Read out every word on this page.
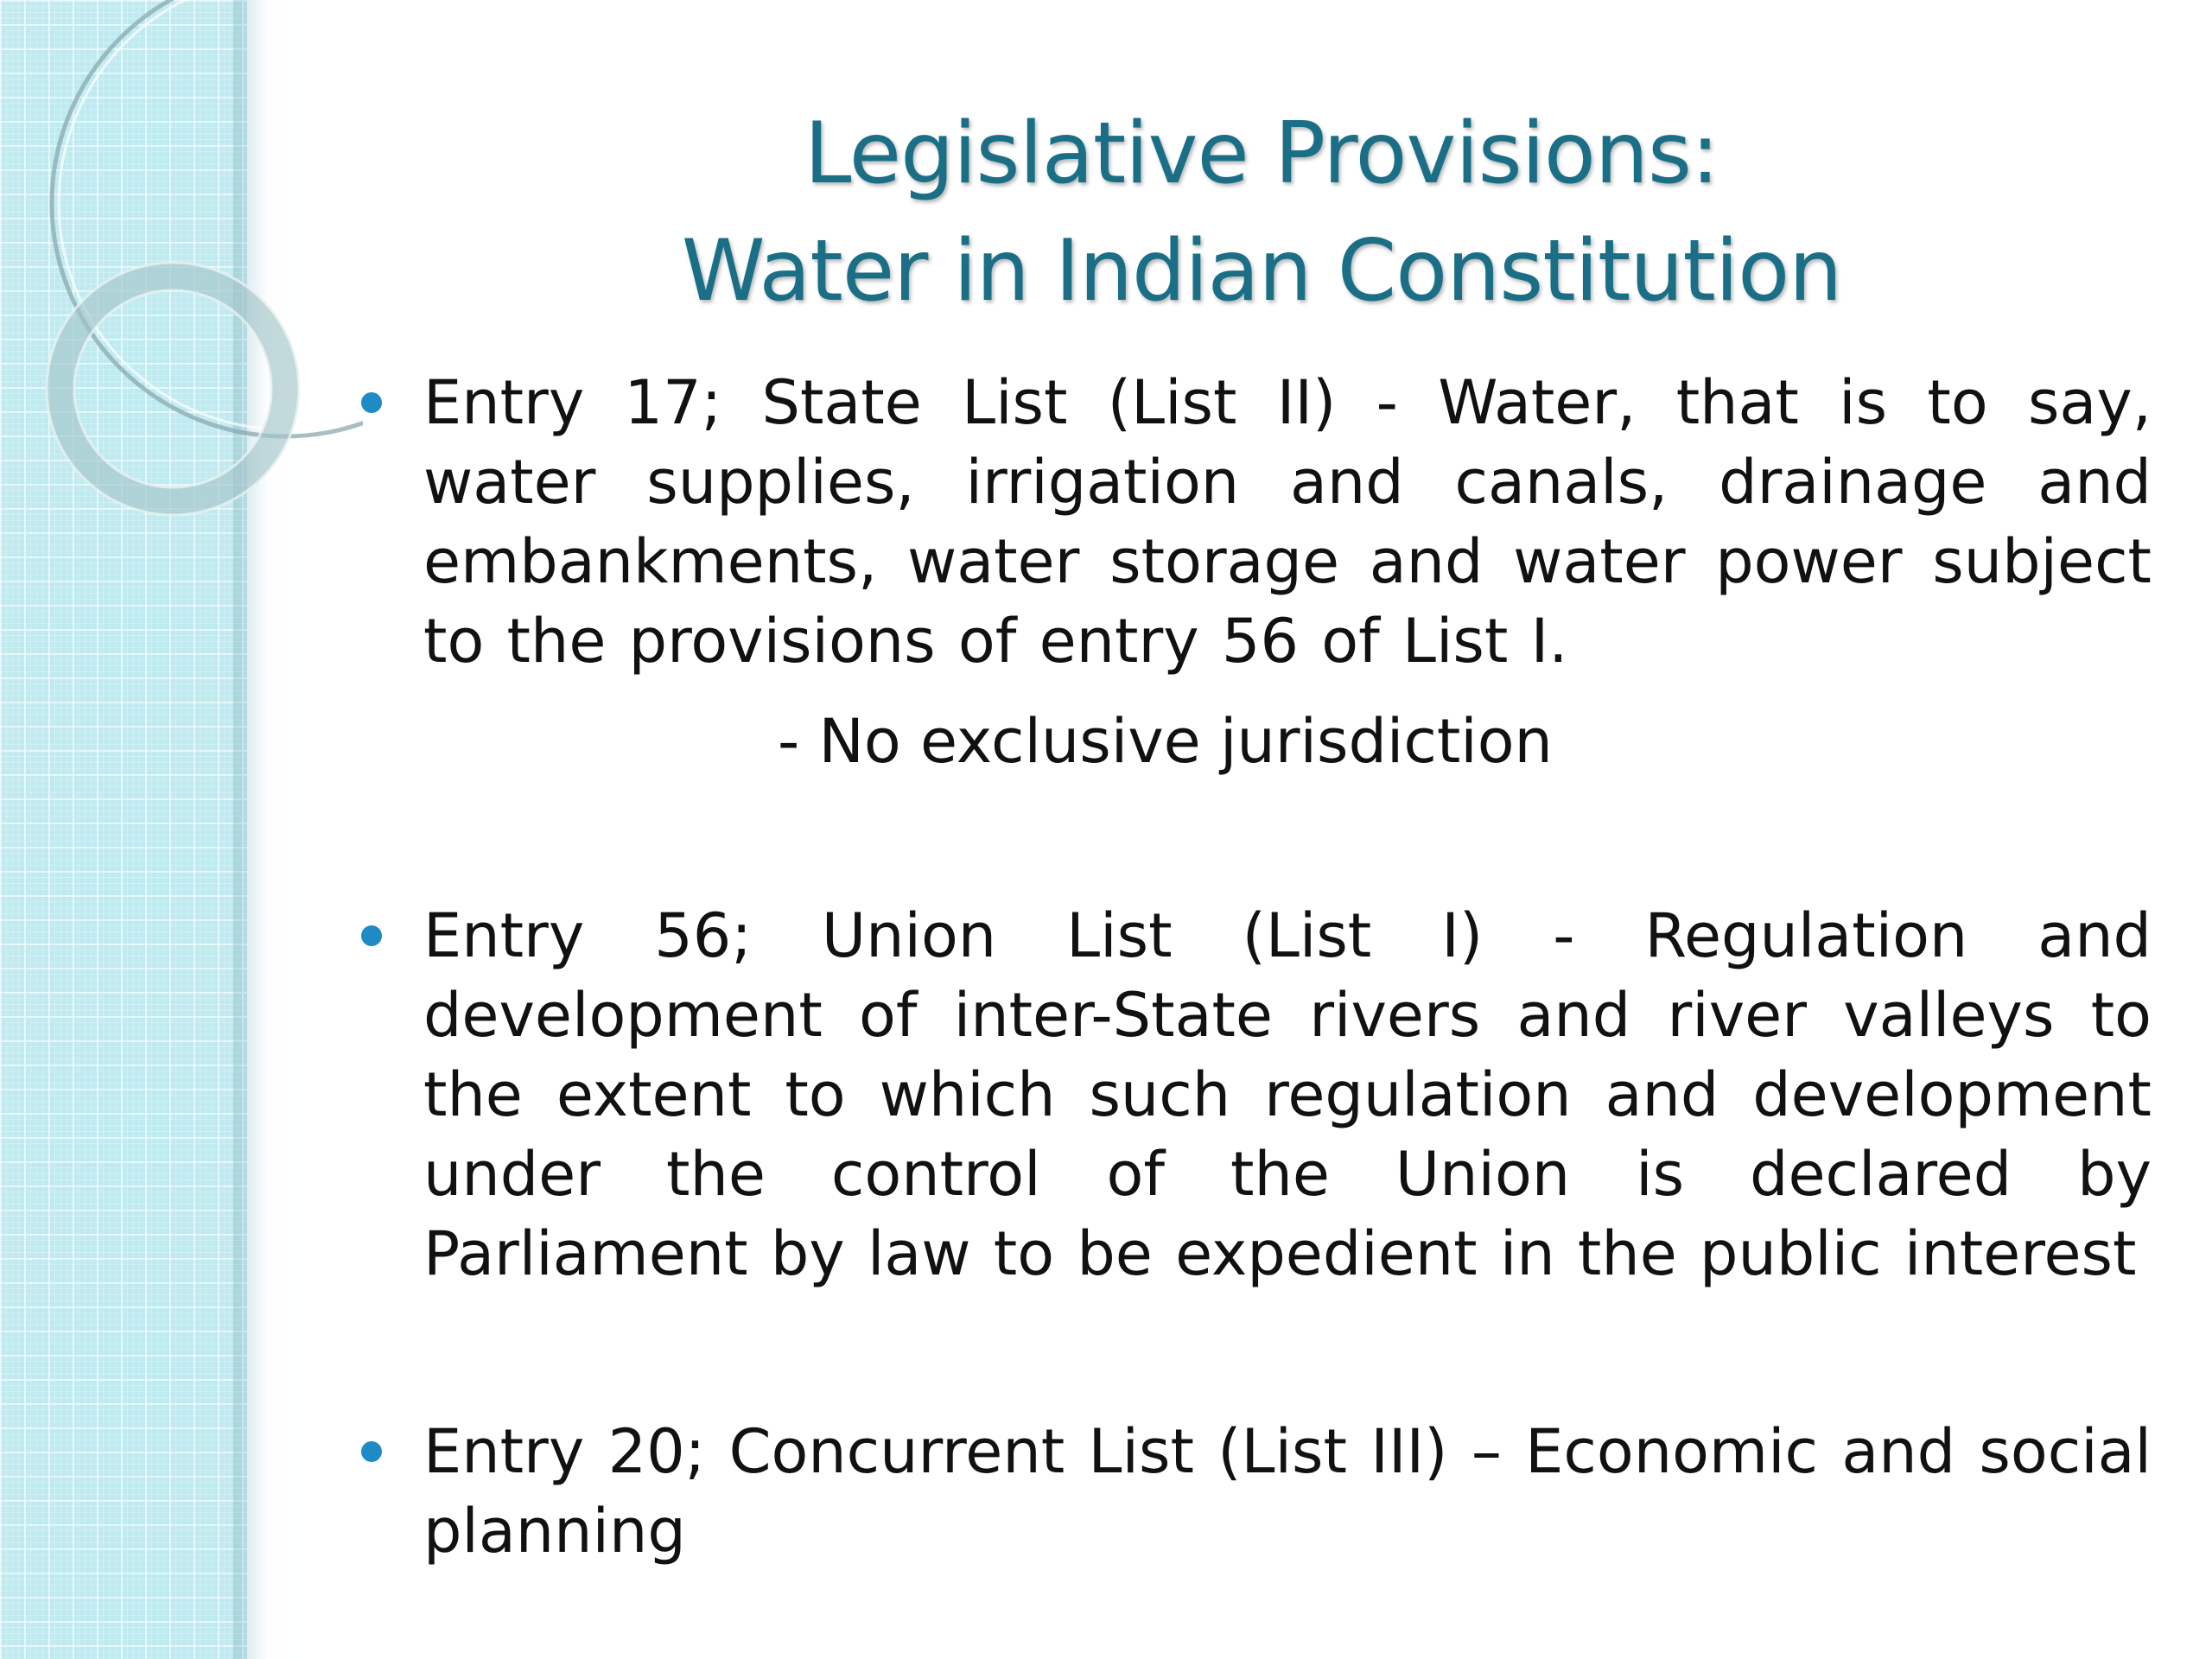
Legislative Provisions:
Water in Indian Constitution
Entry 17; State List (List II) - Water, that is to say, water supplies, irrigation and canals, drainage and embankments, water storage and water power subject to the provisions of entry 56 of List I.
- No exclusive jurisdiction
Entry 56; Union List (List I) - Regulation and development of inter-State rivers and river valleys to the extent to which such regulation and development under the control of the Union is declared by Parliament by law to be expedient in the public interest
Entry 20; Concurrent List (List III) – Economic and social planning
